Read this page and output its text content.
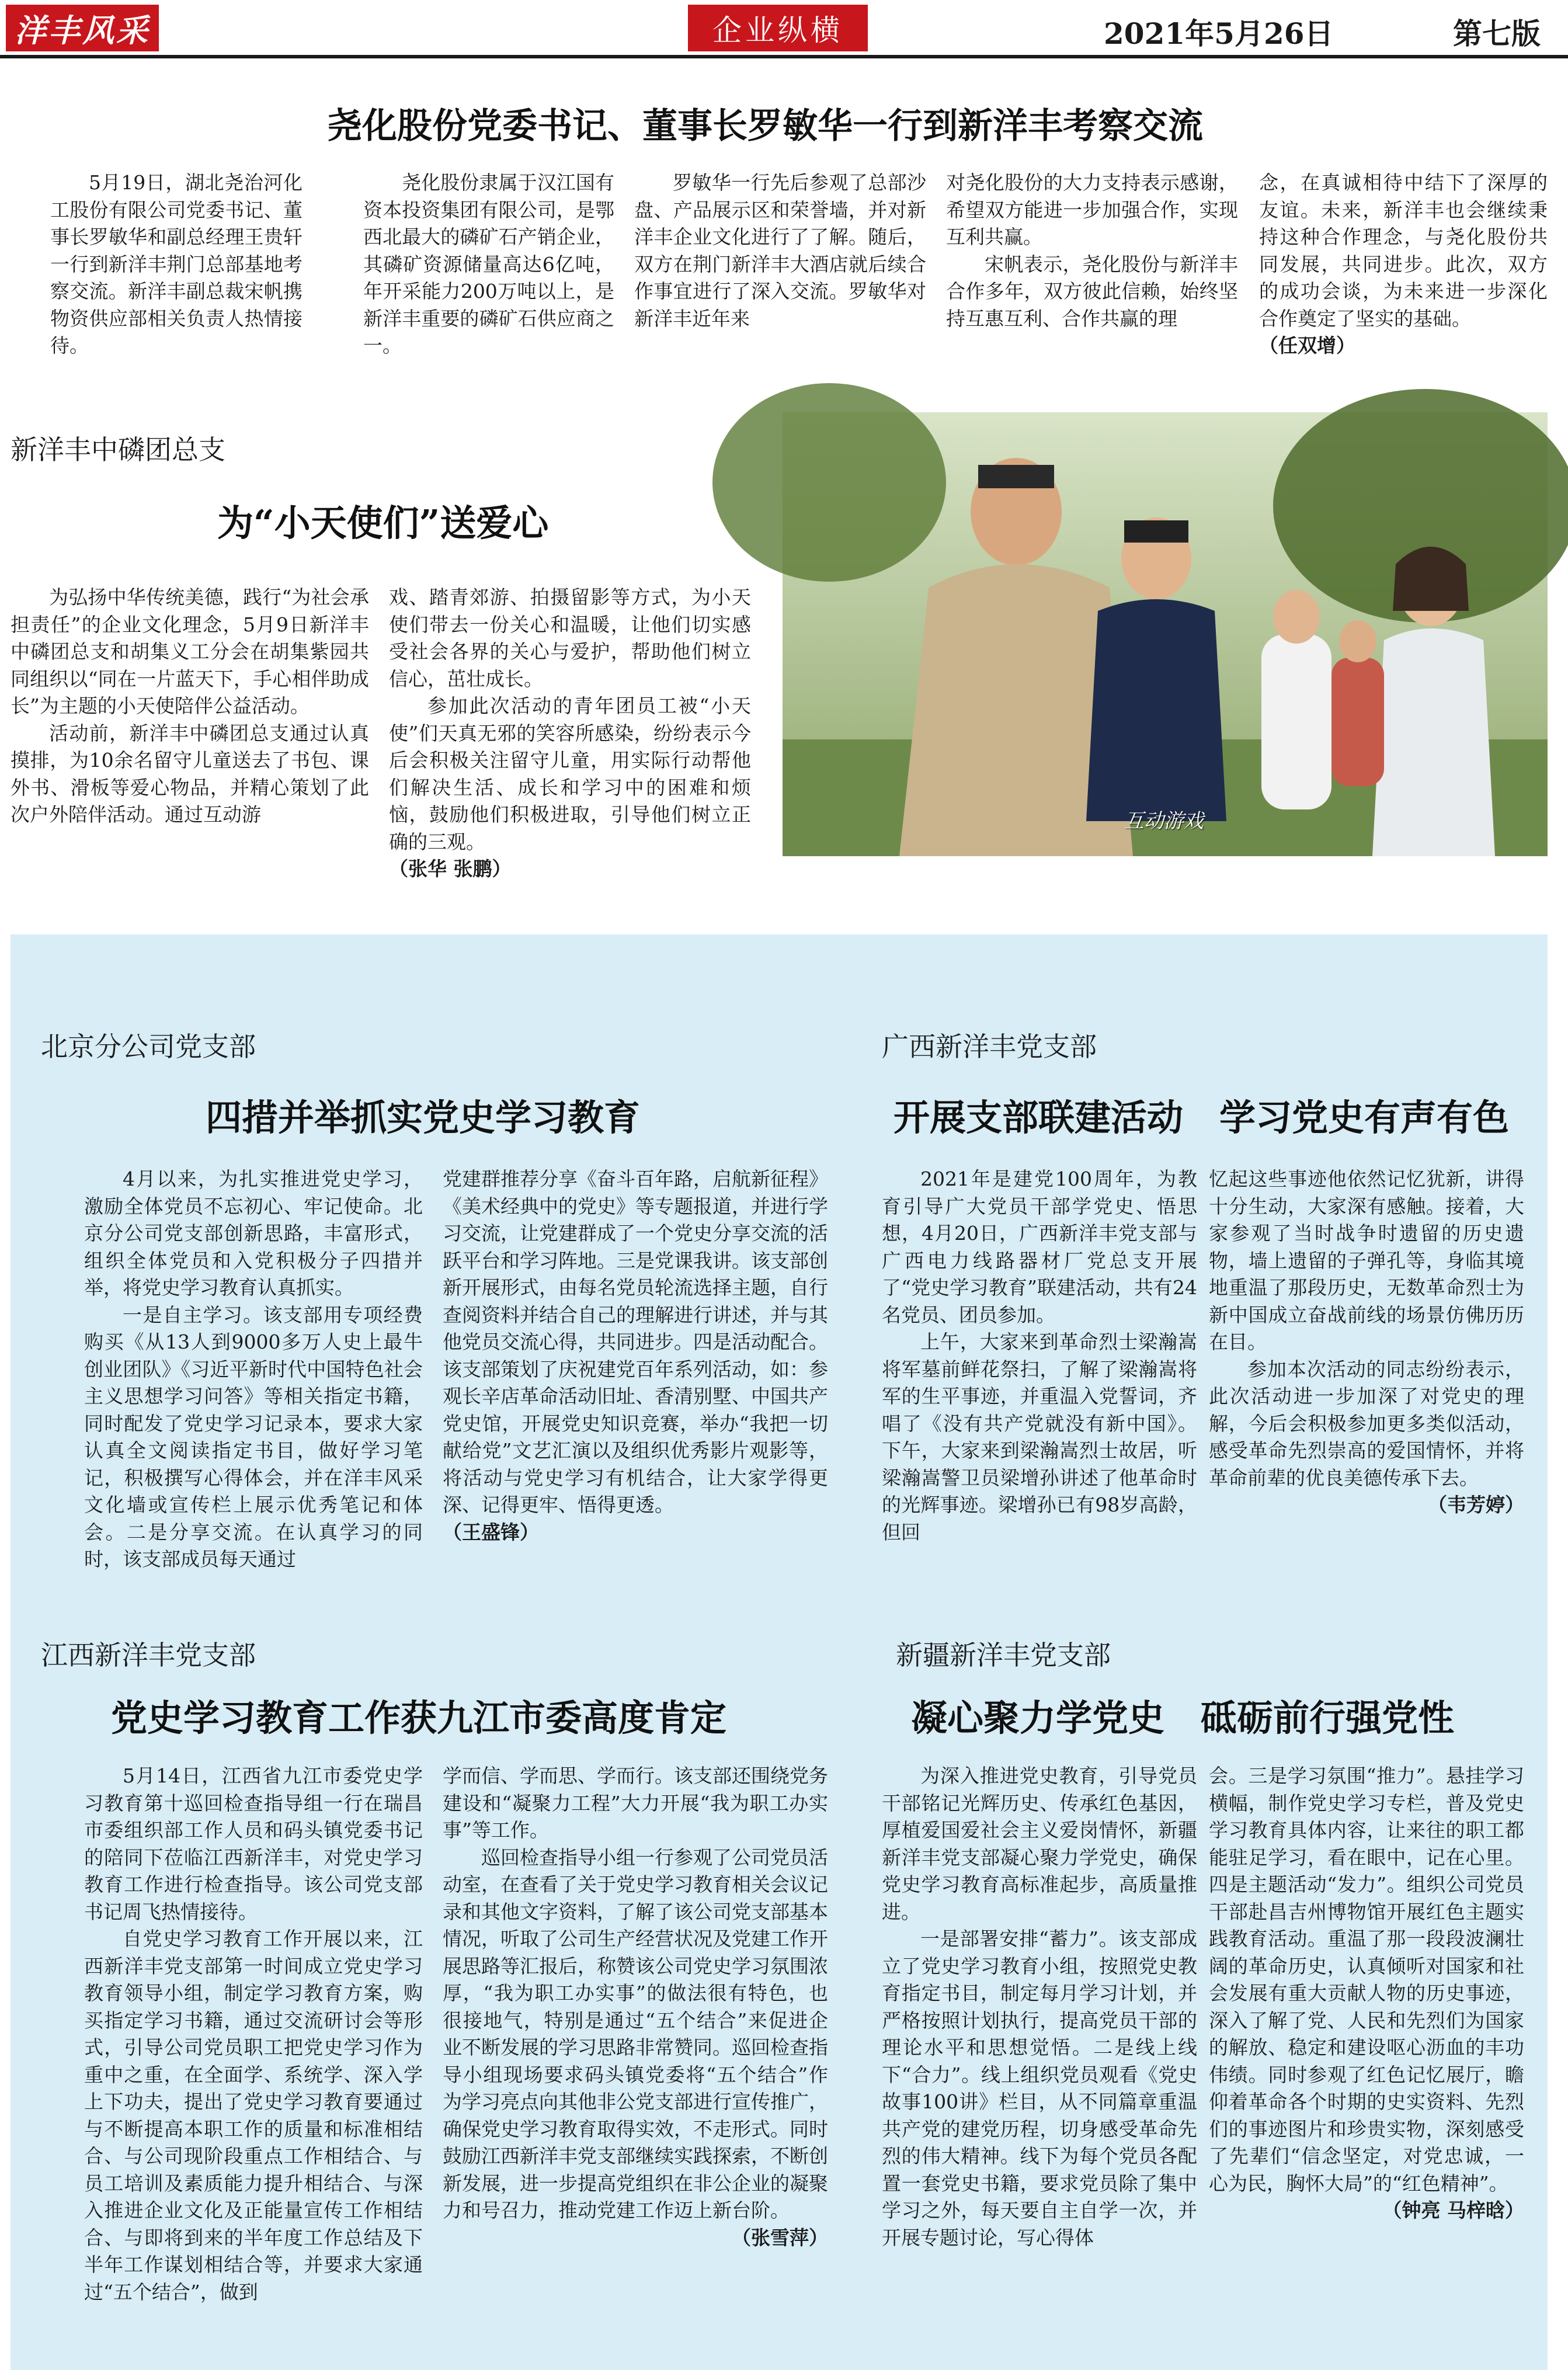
洋丰风采	企业纵横	2021年5月26日	第七版
尧化股份党委书记、董事长罗敏华一行到新洋丰考察交流

5月19日，湖北尧治河化工股份有限公司党委书记、董事长罗敏华和副总经理王贵轩一行到新洋丰荆门总部基地考察交流。新洋丰副总裁宋帆携物资供应部相关负责人热情接待。

尧化股份隶属于汉江国有资本投资集团有限公司，是鄂西北最大的磷矿石产销企业，其磷矿资源储量高达6亿吨，年开采能力200万吨以上，是新洋丰重要的磷矿石供应商之一。

罗敏华一行先后参观了总部沙盘、产品展示区和荣誉墙，并对新洋丰企业文化进行了了解。随后，双方在荆门新洋丰大酒店就后续合作事宜进行了深入交流。罗敏华对新洋丰近年来

对尧化股份的大力支持表示感谢，希望双方能进一步加强合作，实现互利共赢。

宋帆表示，尧化股份与新洋丰合作多年，双方彼此信赖，始终坚持互惠互利、合作共赢的理

念，在真诚相待中结下了深厚的友谊。未来，新洋丰也会继续秉持这种合作理念，与尧化股份共同发展，共同进步。此次，双方的成功会谈，为未来进一步深化合作奠定了坚实的基础。

（任双增）
新洋丰中磷团总支
为“小天使们”送爱心

为弘扬中华传统美德，践行“为社会承担责任”的企业文化理念，5月9日新洋丰中磷团总支和胡集义工分会在胡集紫园共同组织以“同在一片蓝天下，手心相伴助成长”为主题的小天使陪伴公益活动。

活动前，新洋丰中磷团总支通过认真摸排，为10余名留守儿童送去了书包、课外书、滑板等爱心物品，并精心策划了此次户外陪伴活动。通过互动游

戏、踏青郊游、拍摄留影等方式，为小天使们带去一份关心和温暖，让他们切实感受社会各界的关心与爱护，帮助他们树立信心，茁壮成长。

参加此次活动的青年团员工被“小天使”们天真无邪的笑容所感染，纷纷表示今后会积极关注留守儿童，用实际行动帮他们解决生活、成长和学习中的困难和烦恼，鼓励他们积极进取，引导他们树立正确的三观。

（张华 张鹏）
互动游戏
北京分公司党支部
四措并举抓实党史学习教育

4月以来，为扎实推进党史学习，激励全体党员不忘初心、牢记使命。北京分公司党支部创新思路，丰富形式，组织全体党员和入党积极分子四措并举，将党史学习教育认真抓实。

一是自主学习。该支部用专项经费购买《从13人到9000多万人史上最牛创业团队》《习近平新时代中国特色社会主义思想学习问答》等相关指定书籍，同时配发了党史学习记录本，要求大家认真全文阅读指定书目，做好学习笔记，积极撰写心得体会，并在洋丰风采文化墙或宣传栏上展示优秀笔记和体会。二是分享交流。在认真学习的同时，该支部成员每天通过

党建群推荐分享《奋斗百年路，启航新征程》《美术经典中的党史》等专题报道，并进行学习交流，让党建群成了一个党史分享交流的活跃平台和学习阵地。三是党课我讲。该支部创新开展形式，由每名党员轮流选择主题，自行查阅资料并结合自己的理解进行讲述，并与其他党员交流心得，共同进步。四是活动配合。该支部策划了庆祝建党百年系列活动，如：参观长辛店革命活动旧址、香清别墅、中国共产党史馆，开展党史知识竞赛，举办“我把一切献给党”文艺汇演以及组织优秀影片观影等，将活动与党史学习有机结合，让大家学得更深、记得更牢、悟得更透。

（王盛锋）
广西新洋丰党支部
开展支部联建活动　学习党史有声有色

2021年是建党100周年，为教育引导广大党员干部学党史、悟思想，4月20日，广西新洋丰党支部与广西电力线路器材厂党总支开展了“党史学习教育”联建活动，共有24名党员、团员参加。

上午，大家来到革命烈士梁瀚嵩将军墓前鲜花祭扫，了解了梁瀚嵩将军的生平事迹，并重温入党誓词，齐唱了《没有共产党就没有新中国》。下午，大家来到梁瀚嵩烈士故居，听梁瀚嵩警卫员梁增孙讲述了他革命时的光辉事迹。梁增孙已有98岁高龄，但回

忆起这些事迹他依然记忆犹新，讲得十分生动，大家深有感触。接着，大家参观了当时战争时遗留的历史遗物，墙上遗留的子弹孔等，身临其境地重温了那段历史，无数革命烈士为新中国成立奋战前线的场景仿佛历历在目。

参加本次活动的同志纷纷表示，此次活动进一步加深了对党史的理解，今后会积极参加更多类似活动，感受革命先烈崇高的爱国情怀，并将革命前辈的优良美德传承下去。

（韦芳婷）
江西新洋丰党支部
党史学习教育工作获九江市委高度肯定

5月14日，江西省九江市委党史学习教育第十巡回检查指导组一行在瑞昌市委组织部工作人员和码头镇党委书记的陪同下莅临江西新洋丰，对党史学习教育工作进行检查指导。该公司党支部书记周飞热情接待。

自党史学习教育工作开展以来，江西新洋丰党支部第一时间成立党史学习教育领导小组，制定学习教育方案，购买指定学习书籍，通过交流研讨会等形式，引导公司党员职工把党史学习作为重中之重，在全面学、系统学、深入学上下功夫，提出了党史学习教育要通过与不断提高本职工作的质量和标准相结合、与公司现阶段重点工作相结合、与员工培训及素质能力提升相结合、与深入推进企业文化及正能量宣传工作相结合、与即将到来的半年度工作总结及下半年工作谋划相结合等，并要求大家通过“五个结合”，做到

学而信、学而思、学而行。该支部还围绕党务建设和“凝聚力工程”大力开展“我为职工办实事”等工作。

巡回检查指导小组一行参观了公司党员活动室，在查看了关于党史学习教育相关会议记录和其他文字资料，了解了该公司党支部基本情况，听取了公司生产经营状况及党建工作开展思路等汇报后，称赞该公司党史学习氛围浓厚，“我为职工办实事”的做法很有特色，也很接地气，特别是通过“五个结合”来促进企业不断发展的学习思路非常赞同。巡回检查指导小组现场要求码头镇党委将“五个结合”作为学习亮点向其他非公党支部进行宣传推广，确保党史学习教育取得实效，不走形式。同时鼓励江西新洋丰党支部继续实践探索，不断创新发展，进一步提高党组织在非公企业的凝聚力和号召力，推动党建工作迈上新台阶。

（张雪萍）
新疆新洋丰党支部
凝心聚力学党史　砥砺前行强党性

为深入推进党史教育，引导党员干部铭记光辉历史、传承红色基因，厚植爱国爱社会主义爱岗情怀，新疆新洋丰党支部凝心聚力学党史，确保党史学习教育高标准起步，高质量推进。

一是部署安排“蓄力”。该支部成立了党史学习教育小组，按照党史教育指定书目，制定每月学习计划，并严格按照计划执行，提高党员干部的理论水平和思想觉悟。二是线上线下“合力”。线上组织党员观看《党史故事100讲》栏目，从不同篇章重温共产党的建党历程，切身感受革命先烈的伟大精神。线下为每个党员各配置一套党史书籍，要求党员除了集中学习之外，每天要自主自学一次，并开展专题讨论，写心得体

会。三是学习氛围“推力”。悬挂学习横幅，制作党史学习专栏，普及党史学习教育具体内容，让来往的职工都能驻足学习，看在眼中，记在心里。四是主题活动“发力”。组织公司党员干部赴昌吉州博物馆开展红色主题实践教育活动。重温了那一段段波澜壮阔的革命历史，认真倾听对国家和社会发展有重大贡献人物的历史事迹，深入了解了党、人民和先烈们为国家的解放、稳定和建设呕心沥血的丰功伟绩。同时参观了红色记忆展厅，瞻仰着革命各个时期的史实资料、先烈们的事迹图片和珍贵实物，深刻感受了先辈们“信念坚定，对党忠诚，一心为民，胸怀大局”的“红色精神”。

（钟亮 马梓晗）
